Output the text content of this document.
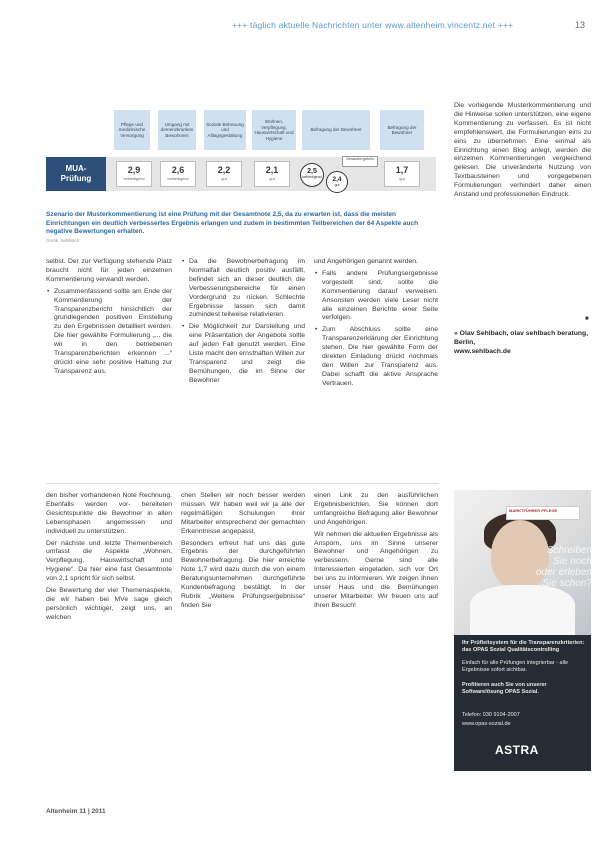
+++ täglich aktuelle Nachrichten unter www.altenheim.vincentz.net +++	13
Pflege und medizinische Versorgung
Umgang mit demenzkranken Bewohnern
Soziale Betreuung und Alltagsgestaltung
Wohnen, Verpflegung, Hauswirtschaft und Hygiene
Befragung der Bewohner
Befragung der Bewohner
MUA-
Prüfung
2,9
befriedigend
2,6
befriedigend
2,2
gut
2,1
gut
2,5
befriedigend	2,4
gut
1,7
gut
Gesamtergebnis
Szenario der Musterkommentierung ist eine Prüfung mit der Gesamtnote 2,5, da zu erwarten ist, dass die meisten Einrichtungen ein deutlich verbessertes Ergebnis erlangen und zudem in bestimmten Teilbereichen der 64 Aspekte auch negative Bewertungen erhalten.
Grafik: Sehlbach

selbst. Der zur Verfügung stehende Platz braucht nicht für jeden einzelnen Kommentierung verwandt werden.

• Zusammenfassend sollte am Ende der Kommentierung der Transparenzbericht hinsichtlich der grundlegenden positiven Einstellung zu den Ergebnissen detailliert werden. Die hier gewählte Formulierung „... die wir in den betriebenen Transparenzberichten erkennen ...“ drückt eine sehr positive Haltung zur Transparenz aus.
• Da die Bewohnerbefragung im Normalfall deutlich positiv ausfällt, befindet sich an dieser deutlich die Verbesserungsbereiche für einen Vordergrund zu rücken. Schlechte Ergebnisse lassen sich damit zumindest teilweise relativieren.
• Die Möglichkeit zur Darstellung und eine Präsentation der Angebote sollte auf jeden Fall genutzt werden. Eine Liste macht den ernsthaften Willen zur Transparenz und zeigt die Bemühungen, die im Sinne der Bewohner

und Angehörigen genannt werden.

• Falls andere Prüfungsergebnisse vorgestellt sind, sollte die Kommentierung darauf verweisen. Ansonsten werden viele Leser nicht alle einzelnen Berichte einer Seite verfolgen.
• Zum Abschluss sollte eine Transparenzerklärung der Einrichtung stehen. Die hier gewählte Form der direkten Einladung drückt nochmals den Willen zur Transparenz aus. Dabei schafft die aktive Ansprache Vertrauen.

Die vorliegende Musterkommentierung und die Hinweise sollen unterstützen, eine eigene Kommentierung zu verfassen. Es ist nicht empfehlenswert, die Formulierungen eins zu eins zu übernehmen. Eine einmal als Einrichtung einen Blog anlegt, werden die einzelnen Kommentierungen vergleichend gelesen. Die unveränderte Nutzung von Textbausteinen und vorgegebenen Formulierungen verhindert daher einen Anstand und professionellen Eindruck.

■
» Olav Sehlbach, olav sehlbach beratung, Berlin,
www.sehlbach.de

den bisher vorhandenen Note Rechnung. Ebenfalls werden vor- bereiteten Gesichtspunkte die Bewohner in allen Lebensphasen angemessen und individuell zu unterstützen.

Der nächste und letzte Themenbereich umfasst die Aspekte „Wohnen, Verpflegung, Hauswirtschaft und Hygiene“. Da hier eine fast Gesamtnote von 2,1 spricht für sich selbst.

Die Bewertung der vier Themenaspekte, die wir haben bei MVe sage gleich persönlich wichtiger, zeigt uns, an welchen

chen Stellen wir noch besser werden müssen. Wir haben weil wir ja alle der regelmäßigen Schulungen ihrer Mitarbeiter entsprechend der gemachten Erkenntnisse angepasst.

Besonders erfreut hat uns das gute Ergebnis der durchgeführten Bewohnerbefragung. Die hier erreichte Note 1,7 wird dazu durch die von einem Beratungsunternehmen durchgeführte Kundenbefragung bestätigt. In der Rubrik „Weitere Prüfungsergebnisse“ finden Sie

einen Link zu den ausführlichen Ergebnisberichten. Sie können dort umfangreiche Befragung aller Bewohner und Angehörigen.

Wir nehmen die aktuellen Ergebnisse als Ansporn, uns im Sinne unserer Bewohner und Angehörigen zu verbessern. Gerne sind alle Interessierten eingeladen, sich vor Ort bei uns zu informieren. Wir zeigen Ihnen unser Haus und die Bemühungen unserer Mitarbeiter. Wir freuen uns auf Ihren Besuch!

MARKTFÜHRER PFLEGE
Schreiben Sie noch oder erleben Sie schon?
Ihr Prüfleitsystem für die Transparenzkriterien: das OPAS Sozial Qualitätscontrolling
Einfach für alle Prüfungen integrierbar - alle Ergebnisse sofort sichtbar.
Profitieren auch Sie von unserer Softwarelösung OPAS Sozial.
Telefon: 030 9104-2007
www.opas-sozial.de
ASTRA
Altenheim 11 | 2011
